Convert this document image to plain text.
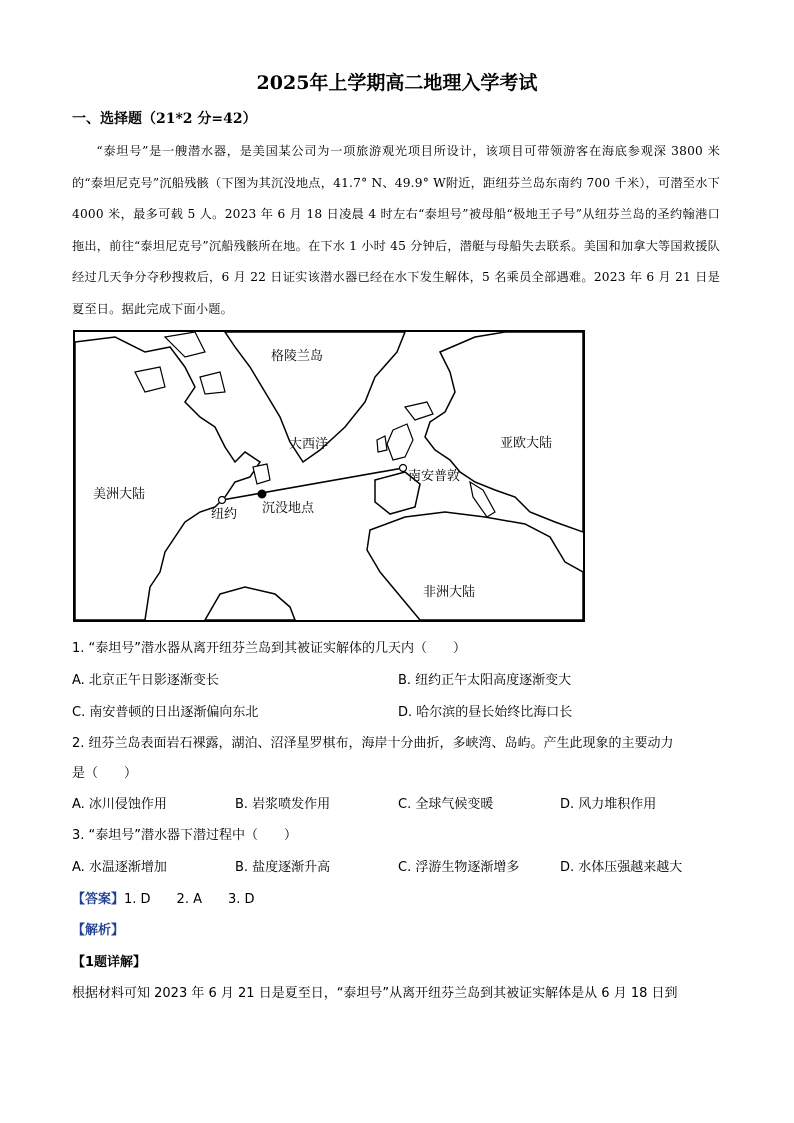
2025年上学期高二地理入学考试
一、选择题（21*2 分=42）
“泰坦号”是一艘潜水器，是美国某公司为一项旅游观光项目所设计，该项目可带领游客在海底参观深 3800 米的“泰坦尼克号”沉船残骸（下图为其沉没地点，41.7° N、49.9° W附近，距纽芬兰岛东南约 700 千米），可潜至水下 4000 米，最多可载 5 人。2023 年 6 月 18 日凌晨 4 时左右“泰坦号”被母船“极地王子号”从纽芬兰岛的圣约翰港口拖出，前往“泰坦尼克号”沉船残骸所在地。在下水 1 小时 45 分钟后，潜艇与母船失去联系。美国和加拿大等国救援队经过几天争分夺秒搜救后，6 月 22 日证实该潜水器已经在水下发生解体，5 名乘员全部遇难。2023 年 6 月 21 日是夏至日。据此完成下面小题。
格陵兰岛
亚欧大陆
大西洋
南安普敦
美洲大陆
纽约 沉没地点
非洲大陆
1. “泰坦号”潜水器从离开纽芬兰岛到其被证实解体的几天内（　　）
A. 北京正午日影逐渐变长	B. 纽约正午太阳高度逐渐变大
C. 南安普顿的日出逐渐偏向东北	D. 哈尔滨的昼长始终比海口长
2. 纽芬兰岛表面岩石裸露，湖泊、沼泽星罗棋布，海岸十分曲折，多峡湾、岛屿。产生此现象的主要动力
是（　　）
A. 冰川侵蚀作用	B. 岩浆喷发作用	C. 全球气候变暖	D. 风力堆积作用
3. “泰坦号”潜水器下潜过程中（　　）
A. 水温逐渐增加	B. 盐度逐渐升高	C. 浮游生物逐渐增多	D. 水体压强越来越大
【答案】1. D　　2. A　　3. D
【解析】
【1题详解】
根据材料可知 2023 年 6 月 21 日是夏至日，“泰坦号”从离开纽芬兰岛到其被证实解体是从 6 月 18 日到
